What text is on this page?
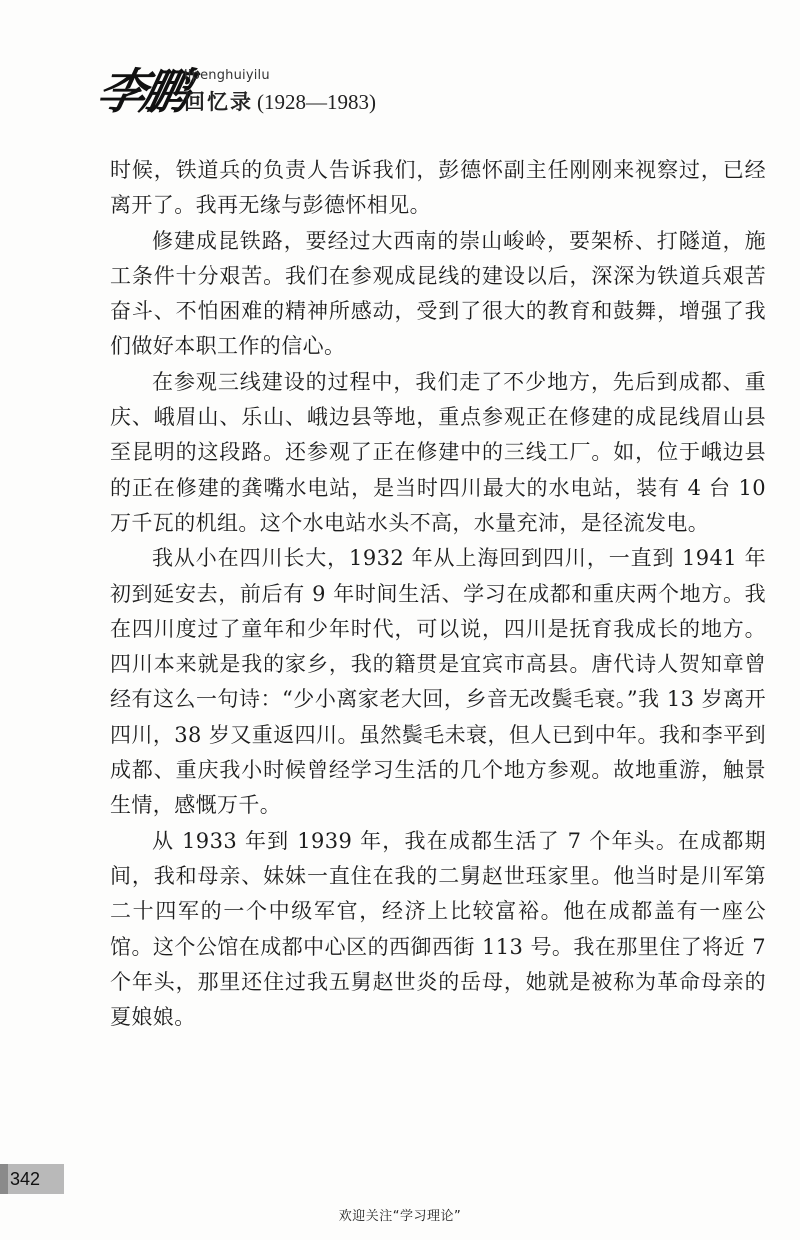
李鹏
lipenghuiyilu
回忆录 (1928—1983)

时候，铁道兵的负责人告诉我们，彭德怀副主任刚刚来视察过，已经离开了。我再无缘与彭德怀相见。

修建成昆铁路，要经过大西南的崇山峻岭，要架桥、打隧道，施工条件十分艰苦。我们在参观成昆线的建设以后，深深为铁道兵艰苦奋斗、不怕困难的精神所感动，受到了很大的教育和鼓舞，增强了我们做好本职工作的信心。

在参观三线建设的过程中，我们走了不少地方，先后到成都、重庆、峨眉山、乐山、峨边县等地，重点参观正在修建的成昆线眉山县至昆明的这段路。还参观了正在修建中的三线工厂。如，位于峨边县的正在修建的龚嘴水电站，是当时四川最大的水电站，装有 4 台 10 万千瓦的机组。这个水电站水头不高，水量充沛，是径流发电。

我从小在四川长大，1932 年从上海回到四川，一直到 1941 年初到延安去，前后有 9 年时间生活、学习在成都和重庆两个地方。我在四川度过了童年和少年时代，可以说，四川是抚育我成长的地方。四川本来就是我的家乡，我的籍贯是宜宾市高县。唐代诗人贺知章曾经有这么一句诗：“少小离家老大回，乡音无改鬓毛衰。”我 13 岁离开四川，38 岁又重返四川。虽然鬓毛未衰，但人已到中年。我和李平到成都、重庆我小时候曾经学习生活的几个地方参观。故地重游，触景生情，感慨万千。

从 1933 年到 1939 年，我在成都生活了 7 个年头。在成都期间，我和母亲、妹妹一直住在我的二舅赵世珏家里。他当时是川军第二十四军的一个中级军官，经济上比较富裕。他在成都盖有一座公馆。这个公馆在成都中心区的西御西街 113 号。我在那里住了将近 7 个年头，那里还住过我五舅赵世炎的岳母，她就是被称为革命母亲的夏娘娘。

342
欢迎关注“学习理论”
